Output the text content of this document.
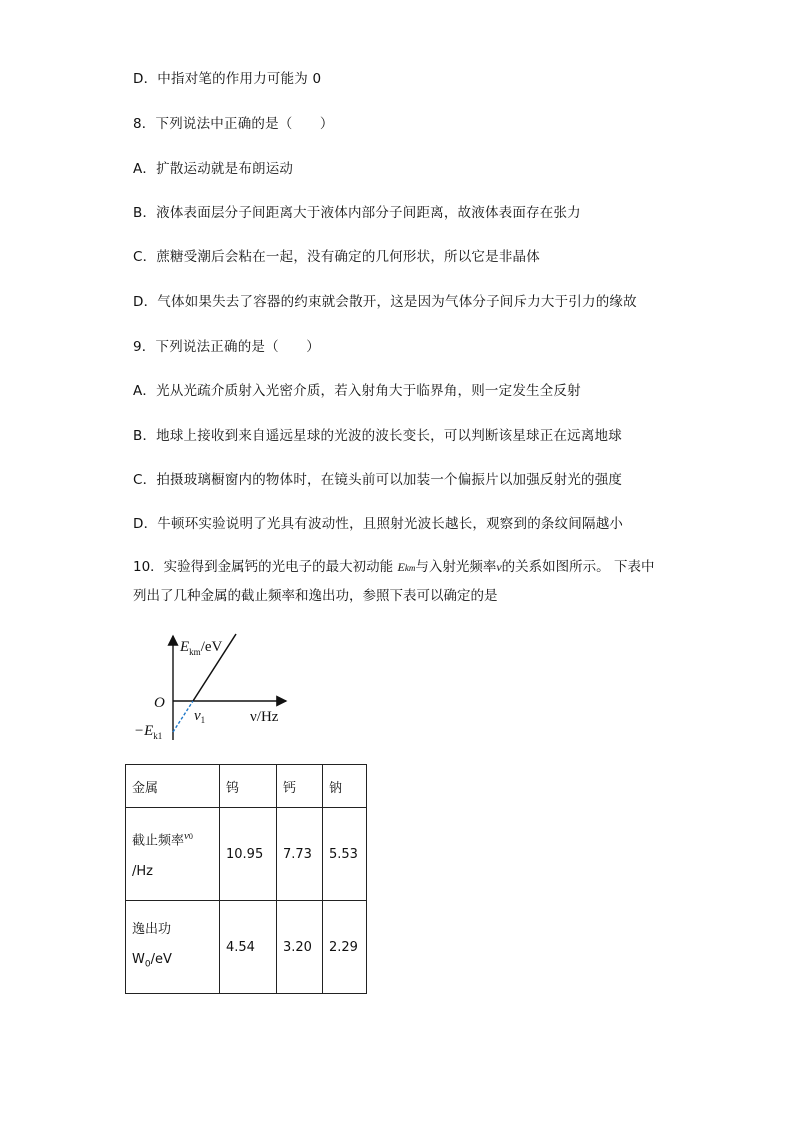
D．中指对笔的作用力可能为 0
8．下列说法中正确的是（　　）
A．扩散运动就是布朗运动
B．液体表面层分子间距离大于液体内部分子间距离，故液体表面存在张力
C．蔗糖受潮后会粘在一起，没有确定的几何形状，所以它是非晶体
D．气体如果失去了容器的约束就会散开，这是因为气体分子间斥力大于引力的缘故
9．下列说法正确的是（　　）
A．光从光疏介质射入光密介质，若入射角大于临界角，则一定发生全反射
B．地球上接收到来自遥远星球的光波的波长变长，可以判断该星球正在远离地球
C．拍摄玻璃橱窗内的物体时，在镜头前可以加装一个偏振片以加强反射光的强度
D．牛顿环实验说明了光具有波动性，且照射光波长越长，观察到的条纹间隔越小
10．实验得到金属钙的光电子的最大初动能 Ekm与入射光频率ν的关系如图所示。 下表中列出了几种金属的截止频率和逸出功，参照下表可以确定的是
$E_{km}/eV$
O
$\nu_1$	ν/Hz
$-E_{k1}$
金属	钨	钙	钠

截止频率$^{\nu 0}$
/Hz	10.95	7.73	5.53

逸出功
$W_0/eV$	4.54	3.20	2.29
